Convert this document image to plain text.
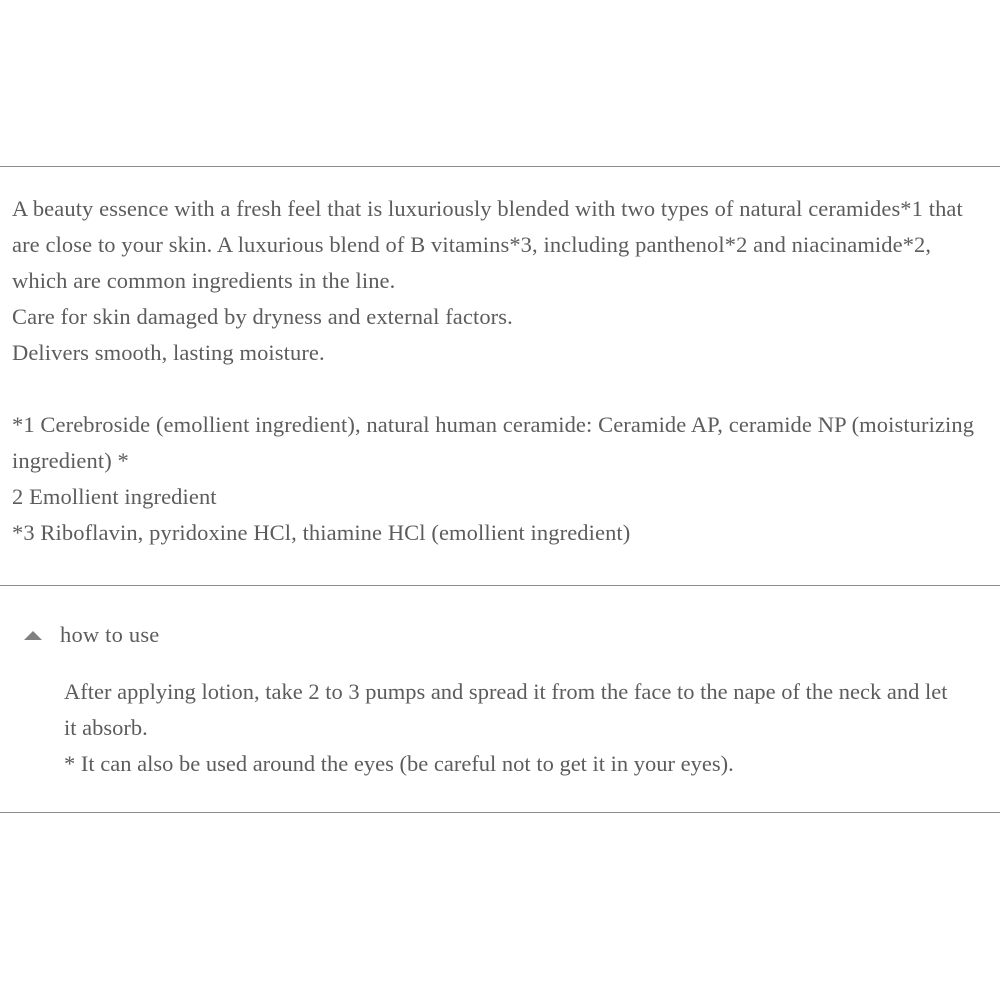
A beauty essence with a fresh feel that is luxuriously blended with two types of natural ceramides*1 that are close to your skin. A luxurious blend of B vitamins*3, including panthenol*2 and niacinamide*2, which are common ingredients in the line.

Care for skin damaged by dryness and external factors.

Delivers smooth, lasting moisture.

*1 Cerebroside (emollient ingredient), natural human ceramide: Ceramide AP, ceramide NP (moisturizing ingredient) *

2 Emollient ingredient

*3 Riboflavin, pyridoxine HCl, thiamine HCl (emollient ingredient)

how to use

After applying lotion, take 2 to 3 pumps and spread it from the face to the nape of the neck and let it absorb.

* It can also be used around the eyes (be careful not to get it in your eyes).
